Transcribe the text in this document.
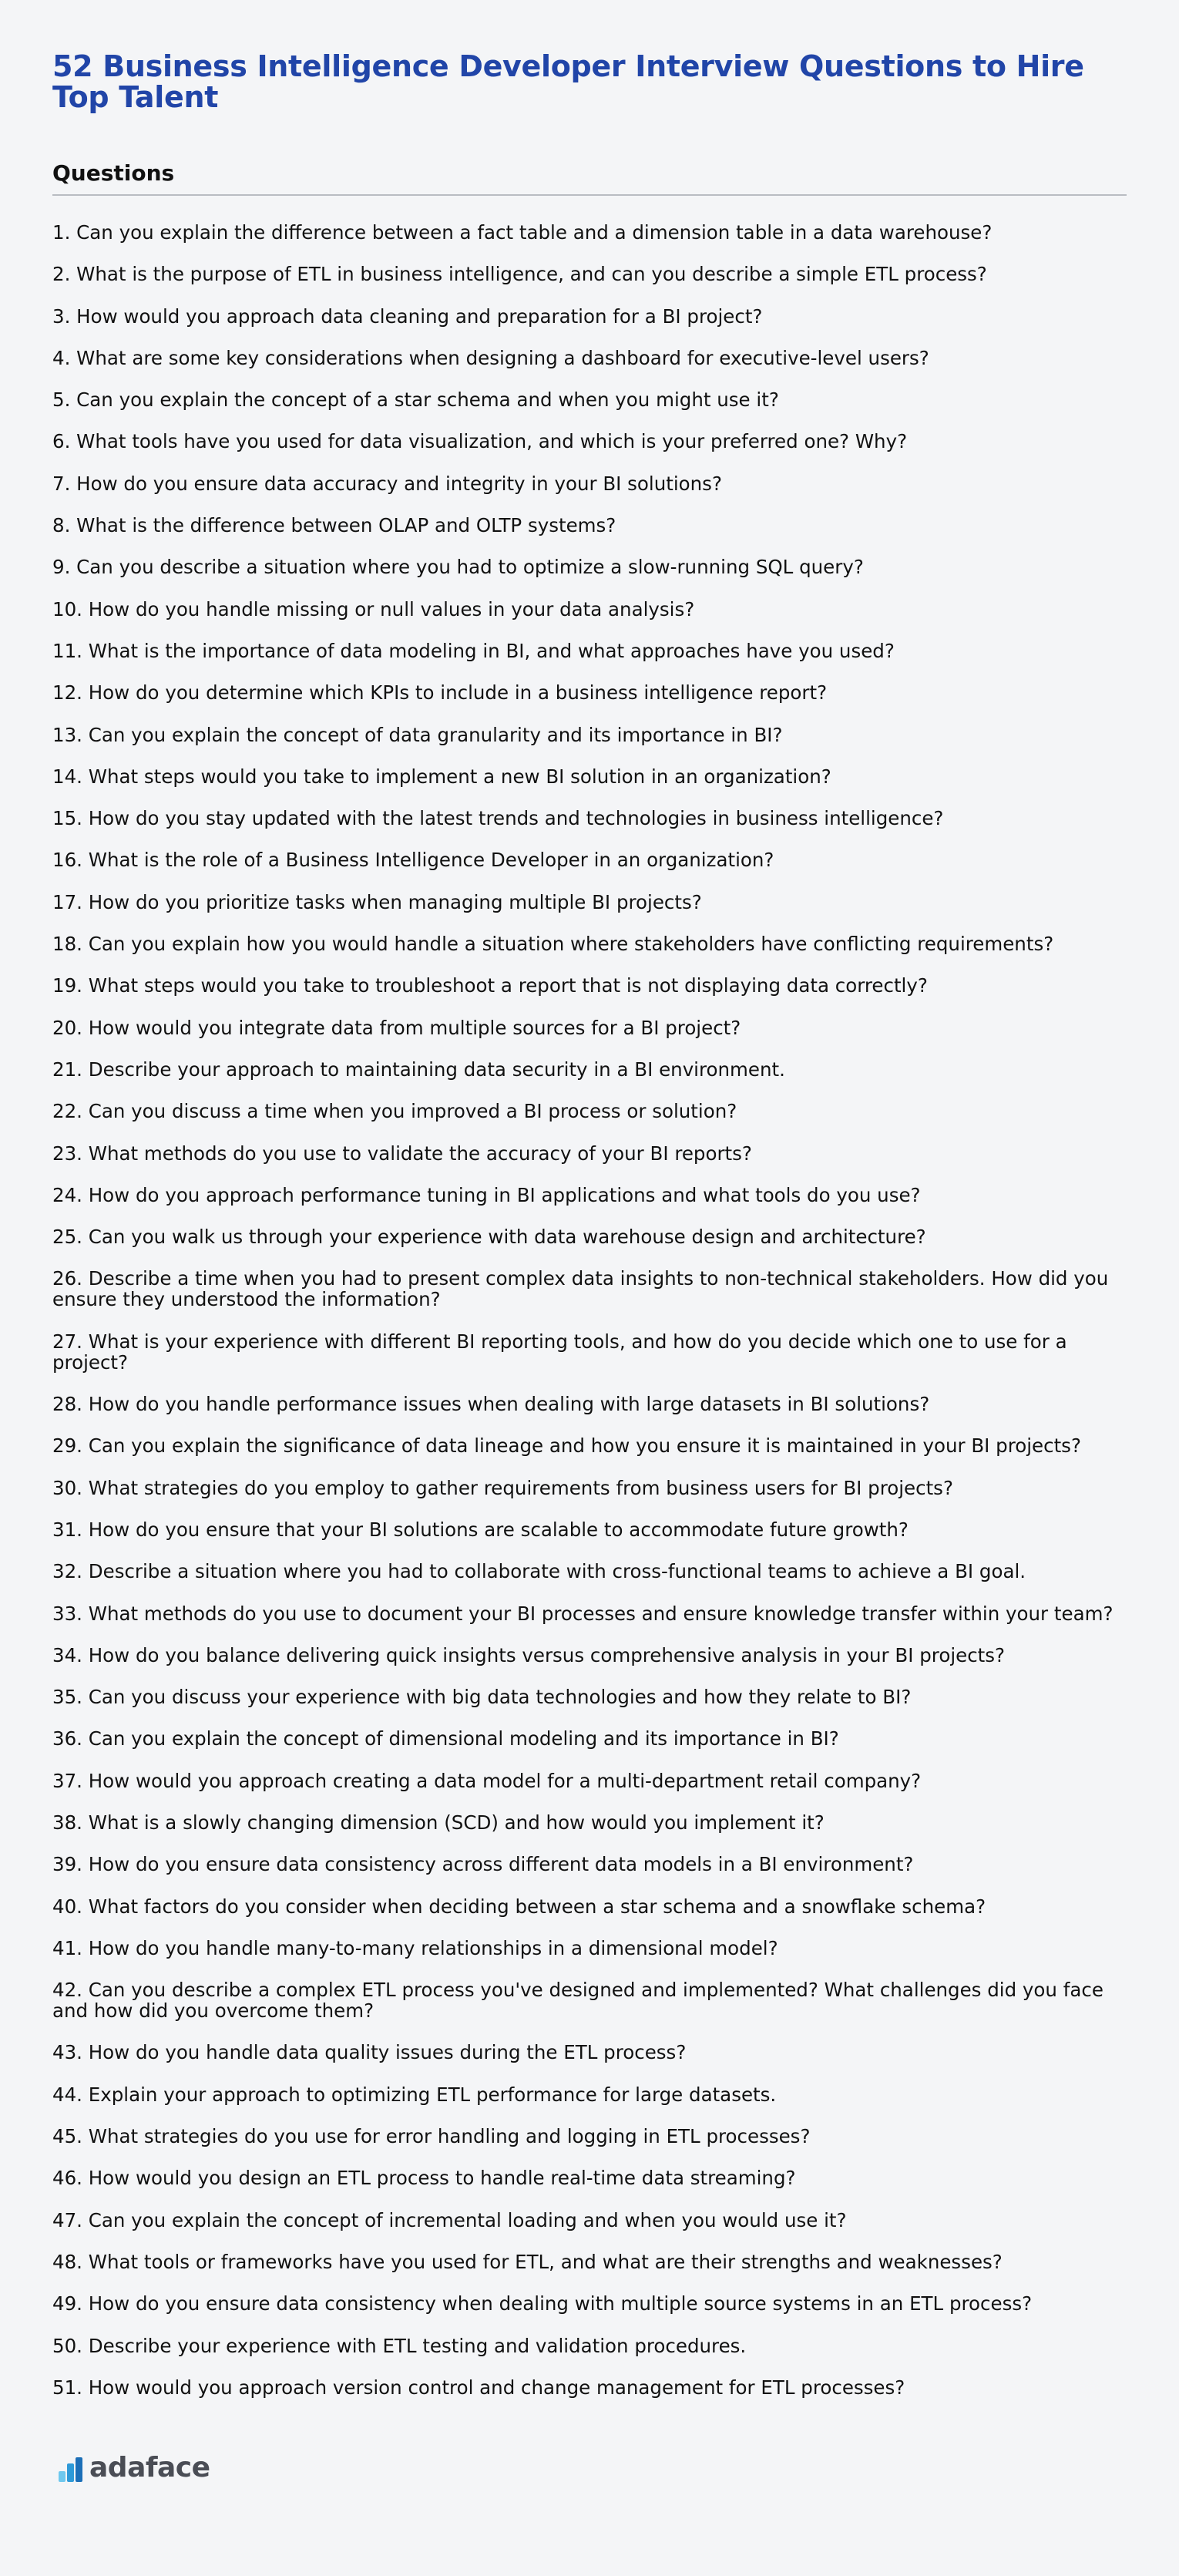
52 Business Intelligence Developer Interview Questions to Hire Top Talent
Questions
1. Can you explain the difference between a fact table and a dimension table in a data warehouse?
2. What is the purpose of ETL in business intelligence, and can you describe a simple ETL process?
3. How would you approach data cleaning and preparation for a BI project?
4. What are some key considerations when designing a dashboard for executive-level users?
5. Can you explain the concept of a star schema and when you might use it?
6. What tools have you used for data visualization, and which is your preferred one? Why?
7. How do you ensure data accuracy and integrity in your BI solutions?
8. What is the difference between OLAP and OLTP systems?
9. Can you describe a situation where you had to optimize a slow-running SQL query?
10. How do you handle missing or null values in your data analysis?
11. What is the importance of data modeling in BI, and what approaches have you used?
12. How do you determine which KPIs to include in a business intelligence report?
13. Can you explain the concept of data granularity and its importance in BI?
14. What steps would you take to implement a new BI solution in an organization?
15. How do you stay updated with the latest trends and technologies in business intelligence?
16. What is the role of a Business Intelligence Developer in an organization?
17. How do you prioritize tasks when managing multiple BI projects?
18. Can you explain how you would handle a situation where stakeholders have conflicting requirements?
19. What steps would you take to troubleshoot a report that is not displaying data correctly?
20. How would you integrate data from multiple sources for a BI project?
21. Describe your approach to maintaining data security in a BI environment.
22. Can you discuss a time when you improved a BI process or solution?
23. What methods do you use to validate the accuracy of your BI reports?
24. How do you approach performance tuning in BI applications and what tools do you use?
25. Can you walk us through your experience with data warehouse design and architecture?
26. Describe a time when you had to present complex data insights to non-technical stakeholders. How did you ensure they understood the information?
27. What is your experience with different BI reporting tools, and how do you decide which one to use for a project?
28. How do you handle performance issues when dealing with large datasets in BI solutions?
29. Can you explain the significance of data lineage and how you ensure it is maintained in your BI projects?
30. What strategies do you employ to gather requirements from business users for BI projects?
31. How do you ensure that your BI solutions are scalable to accommodate future growth?
32. Describe a situation where you had to collaborate with cross-functional teams to achieve a BI goal.
33. What methods do you use to document your BI processes and ensure knowledge transfer within your team?
34. How do you balance delivering quick insights versus comprehensive analysis in your BI projects?
35. Can you discuss your experience with big data technologies and how they relate to BI?
36. Can you explain the concept of dimensional modeling and its importance in BI?
37. How would you approach creating a data model for a multi-department retail company?
38. What is a slowly changing dimension (SCD) and how would you implement it?
39. How do you ensure data consistency across different data models in a BI environment?
40. What factors do you consider when deciding between a star schema and a snowflake schema?
41. How do you handle many-to-many relationships in a dimensional model?
42. Can you describe a complex ETL process you've designed and implemented? What challenges did you face and how did you overcome them?
43. How do you handle data quality issues during the ETL process?
44. Explain your approach to optimizing ETL performance for large datasets.
45. What strategies do you use for error handling and logging in ETL processes?
46. How would you design an ETL process to handle real-time data streaming?
47. Can you explain the concept of incremental loading and when you would use it?
48. What tools or frameworks have you used for ETL, and what are their strengths and weaknesses?
49. How do you ensure data consistency when dealing with multiple source systems in an ETL process?
50. Describe your experience with ETL testing and validation procedures.
51. How would you approach version control and change management for ETL processes?
adaface
